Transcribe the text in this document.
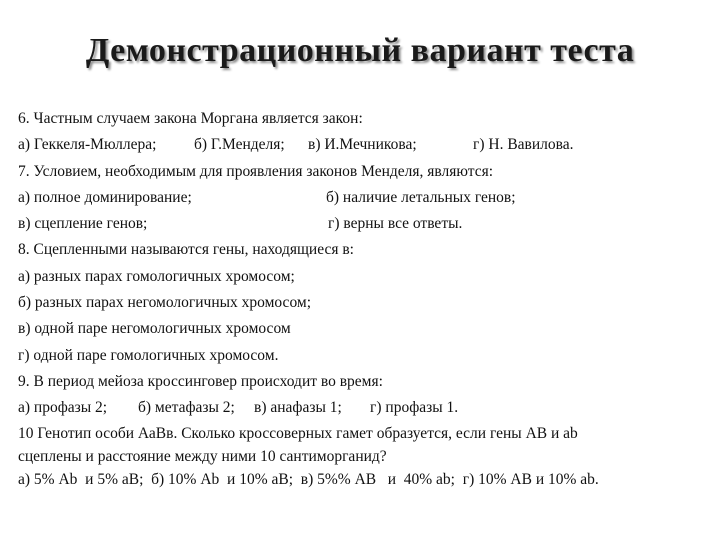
Демонстрационный вариант теста
6. Частным случаем закона Моргана является закон:
а) Геккеля-Мюллера; б) Г.Менделя; в) И.Мечникова;	г) Н. Вавилова.
7. Условием, необходимым для проявления законов Менделя, являются:
а) полное доминирование;	б) наличие летальных генов;
в) сцепление генов;	г) верны все ответы.
8. Сцепленными называются гены, находящиеся в:
а) разных парах гомологичных хромосом;
б) разных парах негомологичных хромосом;
в) одной паре негомологичных хромосом
г) одной паре гомологичных хромосом.
9. В период мейоза кроссинговер происходит во время:
а) профазы 2; б) метафазы 2; в) анафазы 1; г) профазы 1.
10 Генотип особи АаВв. Сколько кроссоверных гамет образуется, если гены АВ и аb
сцеплены и расстояние между ними 10 сантиморганид?
а) 5% Аb  и 5% аВ;  б) 10% Аb  и 10% аВ;  в) 5%% АВ   и  40% аb;  г) 10% АВ и 10% аb.
